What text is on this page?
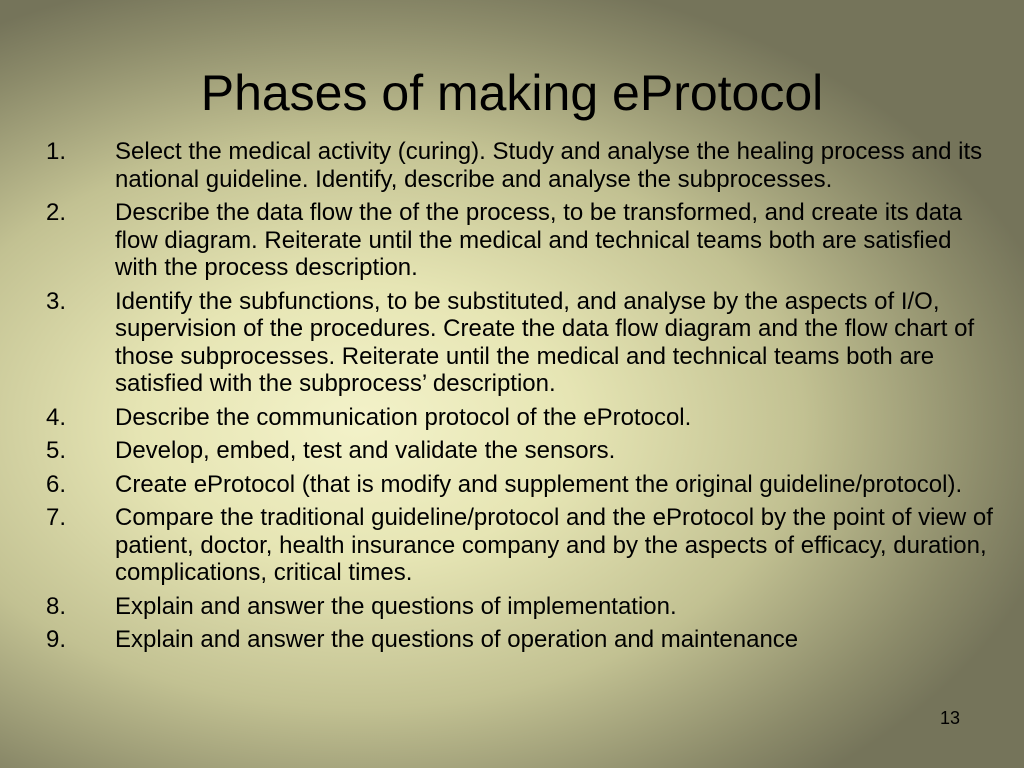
Phases of making eProtocol
1.	Select the medical activity (curing). Study and analyse the healing process and its national guideline. Identify, describe and analyse the subprocesses.
2.	Describe the data flow the of the process, to be transformed, and create its data flow diagram. Reiterate until the medical and technical teams both are satisfied with the process description.
3.	Identify the subfunctions, to be substituted, and analyse by the aspects of I/O, supervision of the procedures. Create the data flow diagram and the flow chart of those subprocesses. Reiterate until the medical and technical teams both are satisfied with the subprocess’ description.
4.	Describe the communication protocol of the eProtocol.
5.	Develop, embed, test and validate the sensors.
6.	Create eProtocol (that is modify and supplement the original guideline/protocol).
7.	Compare the traditional guideline/protocol and the eProtocol by the point of view of patient, doctor, health insurance company and by the aspects of efficacy, duration, complications, critical times.
8.	Explain and answer the questions of implementation.
9.	Explain and answer the questions of operation and maintenance
13
